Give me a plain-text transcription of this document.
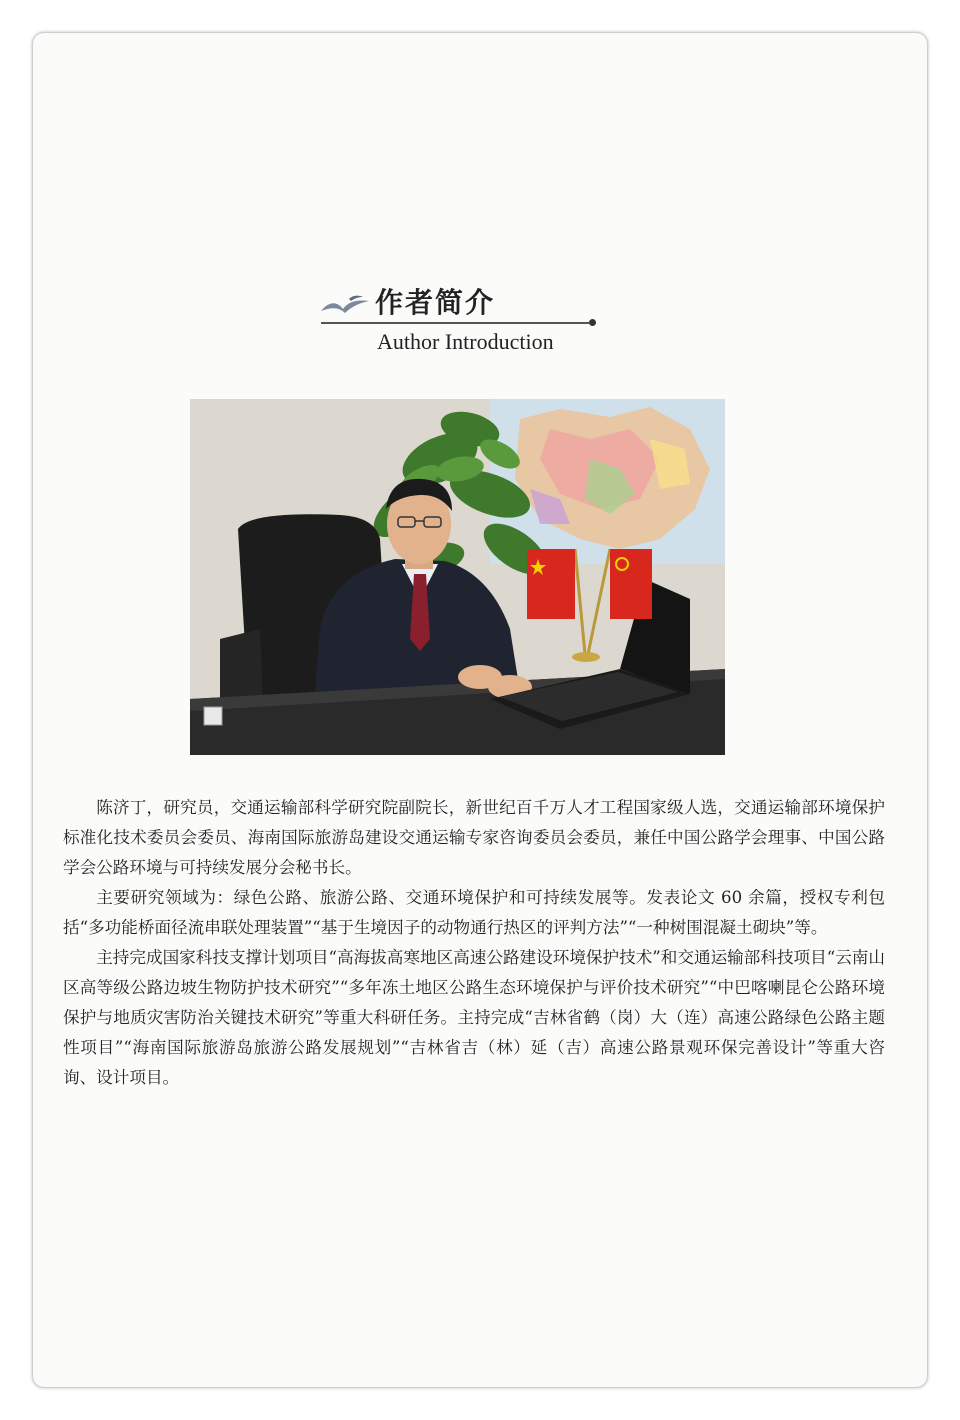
作者简介
Author Introduction

陈济丁，研究员，交通运输部科学研究院副院长，新世纪百千万人才工程国家级人选，交通运输部环境保护标准化技术委员会委员、海南国际旅游岛建设交通运输专家咨询委员会委员，兼任中国公路学会理事、中国公路学会公路环境与可持续发展分会秘书长。

主要研究领域为：绿色公路、旅游公路、交通环境保护和可持续发展等。发表论文 60 余篇，授权专利包括“多功能桥面径流串联处理装置”“基于生境因子的动物通行热区的评判方法”“一种树围混凝土砌块”等。

主持完成国家科技支撑计划项目“高海拔高寒地区高速公路建设环境保护技术”和交通运输部科技项目“云南山区高等级公路边坡生物防护技术研究”“多年冻土地区公路生态环境保护与评价技术研究”“中巴喀喇昆仑公路环境保护与地质灾害防治关键技术研究”等重大科研任务。主持完成“吉林省鹤（岗）大（连）高速公路绿色公路主题性项目”“海南国际旅游岛旅游公路发展规划”“吉林省吉（林）延（吉）高速公路景观环保完善设计”等重大咨询、设计项目。
